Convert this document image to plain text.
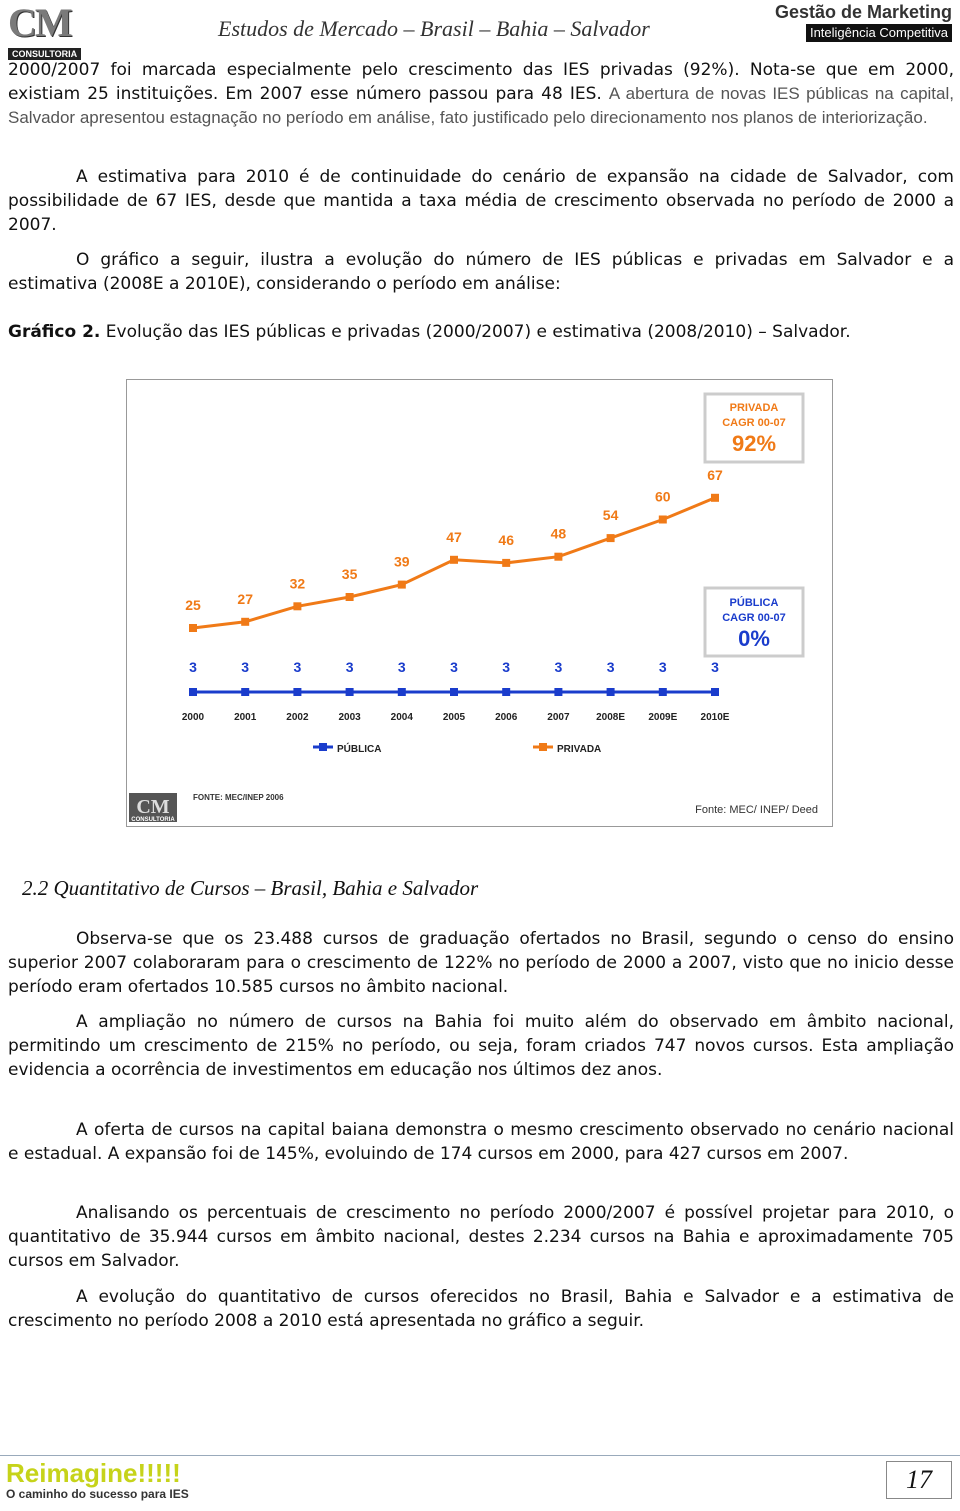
CM
CONSULTORIA
Estudos de Mercado – Brasil – Bahia – Salvador
Gestão de Marketing
Inteligência Competitiva

2000/2007 foi marcada especialmente pelo crescimento das IES privadas (92%). Nota-se que em 2000, existiam 25 instituições. Em 2007 esse número passou para 48 IES. A abertura de novas IES públicas na capital, Salvador apresentou estagnação no período em análise, fato justificado pelo direcionamento nos planos de interiorização.

A estimativa para 2010 é de continuidade do cenário de expansão na cidade de Salvador, com possibilidade de 67 IES, desde que mantida a taxa média de crescimento observada no período de 2000 a 2007.

O gráfico a seguir, ilustra a evolução do número de IES públicas e privadas em Salvador e a estimativa (2008E a 2010E), considerando o período em análise:

Gráfico 2. Evolução das IES públicas e privadas (2000/2007) e estimativa (2008/2010) – Salvador.
25	27
32
35
39
47	46	48
54
60
67
3	3	3	3	3	3	3	3	3	3	3
2000	2001	2002	2003	2004	2005	2006	2007	2008E 2009E 2010E
PRIVADA
CAGR 00-07
92%
PÚBLICA
CAGR 00-07
0%
PÚBLICA	PRIVADA
CM
CONSULTORIA
FONTE: MEC/INEP 2006
Fonte: MEC/ INEP/ Deed
2.2 Quantitativo de Cursos – Brasil, Bahia e Salvador

Observa-se que os 23.488 cursos de graduação ofertados no Brasil, segundo o censo do ensino superior 2007 colaboraram para o crescimento de 122% no período de 2000 a 2007, visto que no inicio desse período eram ofertados 10.585 cursos no âmbito nacional.

A ampliação no número de cursos na Bahia foi muito além do observado em âmbito nacional, permitindo um crescimento de 215% no período, ou seja, foram criados 747 novos cursos. Esta ampliação evidencia a ocorrência de investimentos em educação nos últimos dez anos.

A oferta de cursos na capital baiana demonstra o mesmo crescimento observado no cenário nacional e estadual. A expansão foi de 145%, evoluindo de 174 cursos em 2000, para 427 cursos em 2007.

Analisando os percentuais de crescimento no período 2000/2007 é possível projetar para 2010, o quantitativo de 35.944 cursos em âmbito nacional, destes 2.234 cursos na Bahia e aproximadamente 705 cursos em Salvador.

A evolução do quantitativo de cursos oferecidos no Brasil, Bahia e Salvador e a estimativa de crescimento no período 2008 a 2010 está apresentada no gráfico a seguir.

Reimagine!!!!!
O caminho do sucesso para IES	17
